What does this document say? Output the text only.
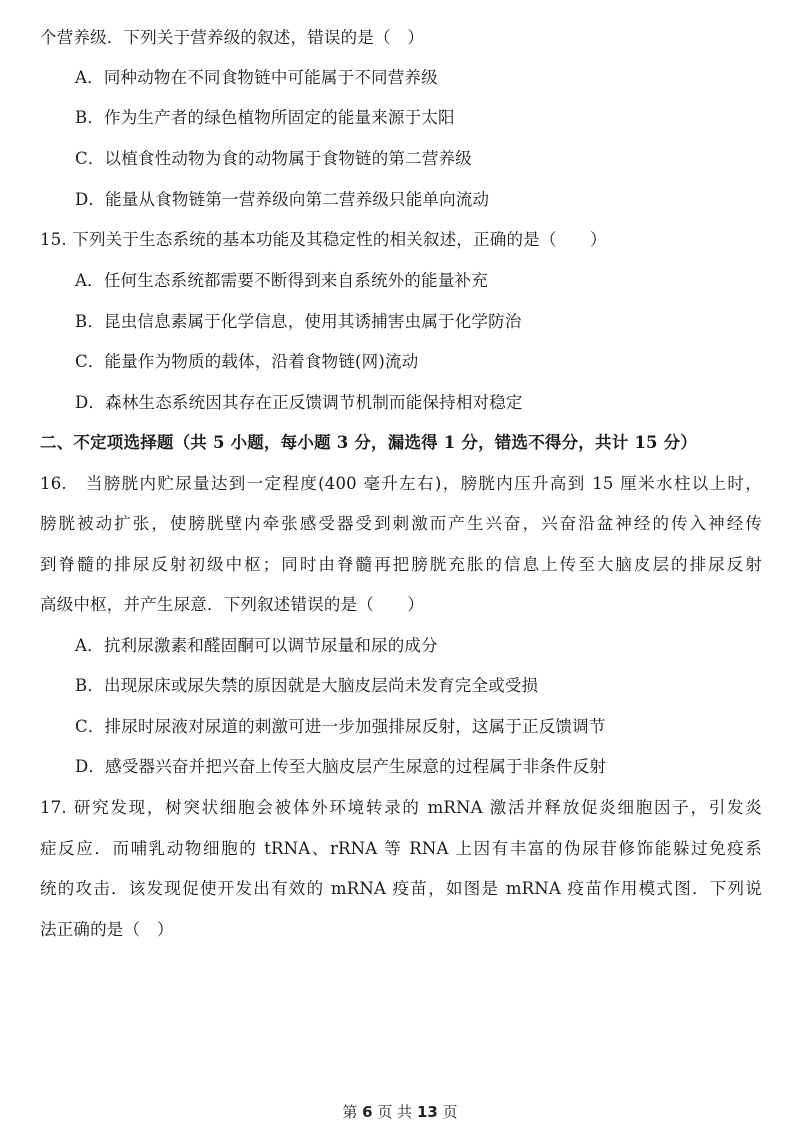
个营养级．下列关于营养级的叙述，错误的是（　）
A．同种动物在不同食物链中可能属于不同营养级
B．作为生产者的绿色植物所固定的能量来源于太阳
C．以植食性动物为食的动物属于食物链的第二营养级
D．能量从食物链第一营养级向第二营养级只能单向流动
15. 下列关于生态系统的基本功能及其稳定性的相关叙述，正确的是（　　）
A．任何生态系统都需要不断得到来自系统外的能量补充
B．昆虫信息素属于化学信息，使用其诱捕害虫属于化学防治
C．能量作为物质的载体，沿着食物链(网)流动
D．森林生态系统因其存在正反馈调节机制而能保持相对稳定
二、不定项选择题（共 5 小题，每小题 3 分，漏选得 1 分，错选不得分，共计 15 分）
16.　当膀胱内贮尿量达到一定程度(400 毫升左右)，膀胱内压升高到 15 厘米水柱以上时，
膀胱被动扩张，使膀胱壁内牵张感受器受到刺激而产生兴奋，兴奋沿盆神经的传入神经传
到脊髓的排尿反射初级中枢；同时由脊髓再把膀胱充胀的信息上传至大脑皮层的排尿反射
高级中枢，并产生尿意．下列叙述错误的是（　　）
A．抗利尿激素和醛固酮可以调节尿量和尿的成分
B．出现尿床或尿失禁的原因就是大脑皮层尚未发育完全或受损
C．排尿时尿液对尿道的刺激可进一步加强排尿反射，这属于正反馈调节
D．感受器兴奋并把兴奋上传至大脑皮层产生尿意的过程属于非条件反射
17. 研究发现，树突状细胞会被体外环境转录的 mRNA 激活并释放促炎细胞因子，引发炎
症反应．而哺乳动物细胞的 tRNA、rRNA 等 RNA 上因有丰富的伪尿苷修饰能躲过免疫系
统的攻击．该发现促使开发出有效的 mRNA 疫苗，如图是 mRNA 疫苗作用模式图．下列说
法正确的是（　）
第 6 页 共 13 页
